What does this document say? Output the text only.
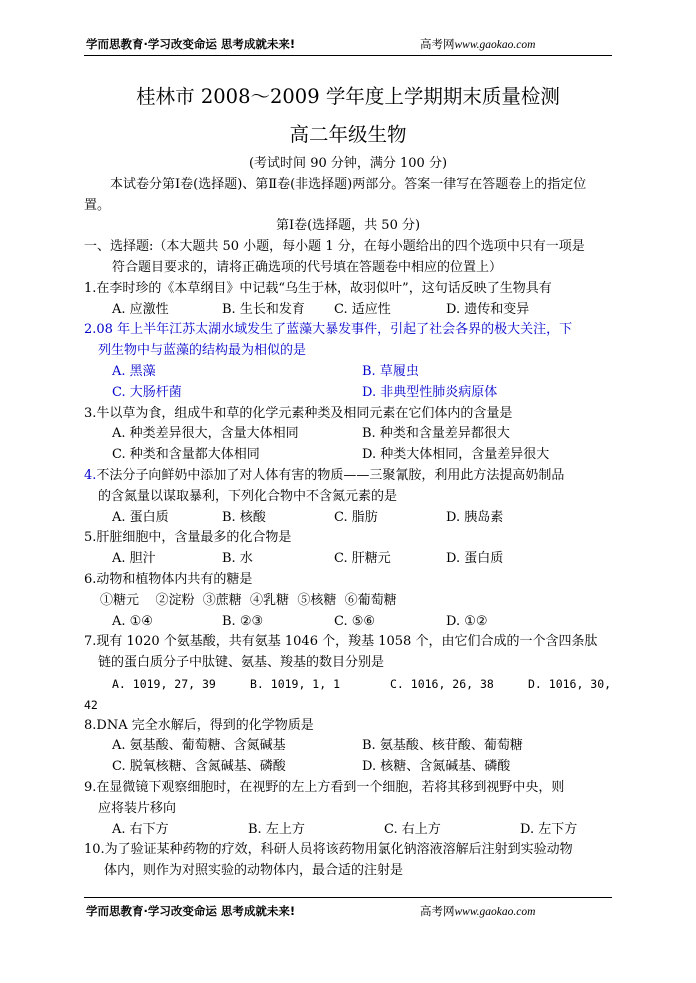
学而思教育·学习改变命运 思考成就未来!	高考网www.gaokao.com
桂林市 2008～2009 学年度上学期期末质量检测
高二年级生物
(考试时间 90 分钟，满分 100 分)
本试卷分第Ⅰ卷(选择题)、第Ⅱ卷(非选择题)两部分。答案一律写在答题卷上的指定位置。
第Ⅰ卷(选择题，共 50 分)
一、选择题:（本大题共 50 小题，每小题 1 分，在每小题给出的四个选项中只有一项是
符合题目要求的，请将正确选项的代号填在答题卷中相应的位置上）
1.在李时珍的《本草纲目》中记载“乌生于林，故羽似叶”，这句话反映了生物具有
A. 应激性	B. 生长和发育 C. 适应性	D. 遗传和变异
2.08 年上半年江苏太湖水域发生了蓝藻大暴发事件，引起了社会各界的极大关注，下
列生物中与蓝藻的结构最为相似的是
A. 黑藻	B. 草履虫
C. 大肠杆菌	D. 非典型性肺炎病原体
3.牛以草为食，组成牛和草的化学元素种类及相同元素在它们体内的含量是
A. 种类差异很大，含量大体相同	B. 种类和含量差异都很大
C. 种类和含量都大体相同	D. 种类大体相同，含量差异很大
4.不法分子向鲜奶中添加了对人体有害的物质——三聚氰胺，利用此方法提高奶制品
的含氮量以谋取暴利，下列化合物中不含氮元素的是
A. 蛋白质	B. 核酸	C. 脂肪	D. 胰岛素
5.肝脏细胞中，含量最多的化合物是
A. 胆汁	B. 水	C. 肝糖元	D. 蛋白质
6.动物和植物体内共有的糖是
①糖元    ②淀粉  ③蔗糖  ④乳糖  ⑤核糖  ⑥葡萄糖
A. ①④	B. ②③	C. ⑤⑥	D. ①②
7.现有 1020 个氨基酸，共有氨基 1046 个，羧基 1058 个，由它们合成的一个含四条肽
链的蛋白质分子中肽键、氨基、羧基的数目分别是
A. 1019, 27, 39	B. 1019, 1, 1	C. 1016, 26, 38	D. 1016, 30,
42
8.DNA 完全水解后，得到的化学物质是
A. 氨基酸、葡萄糖、含氮碱基	B. 氨基酸、核苷酸、葡萄糖
C. 脱氧核糖、含氮碱基、磷酸	D. 核糖、含氮碱基、磷酸
9.在显微镜下观察细胞时，在视野的左上方看到一个细胞，若将其移到视野中央，则
应将装片移向
A. 右下方	B. 左上方	C. 右上方	D. 左下方
10.为了验证某种药物的疗效，科研人员将该药物用氯化钠溶液溶解后注射到实验动物
体内，则作为对照实验的动物体内，最合适的注射是
学而思教育·学习改变命运 思考成就未来!	高考网www.gaokao.com
